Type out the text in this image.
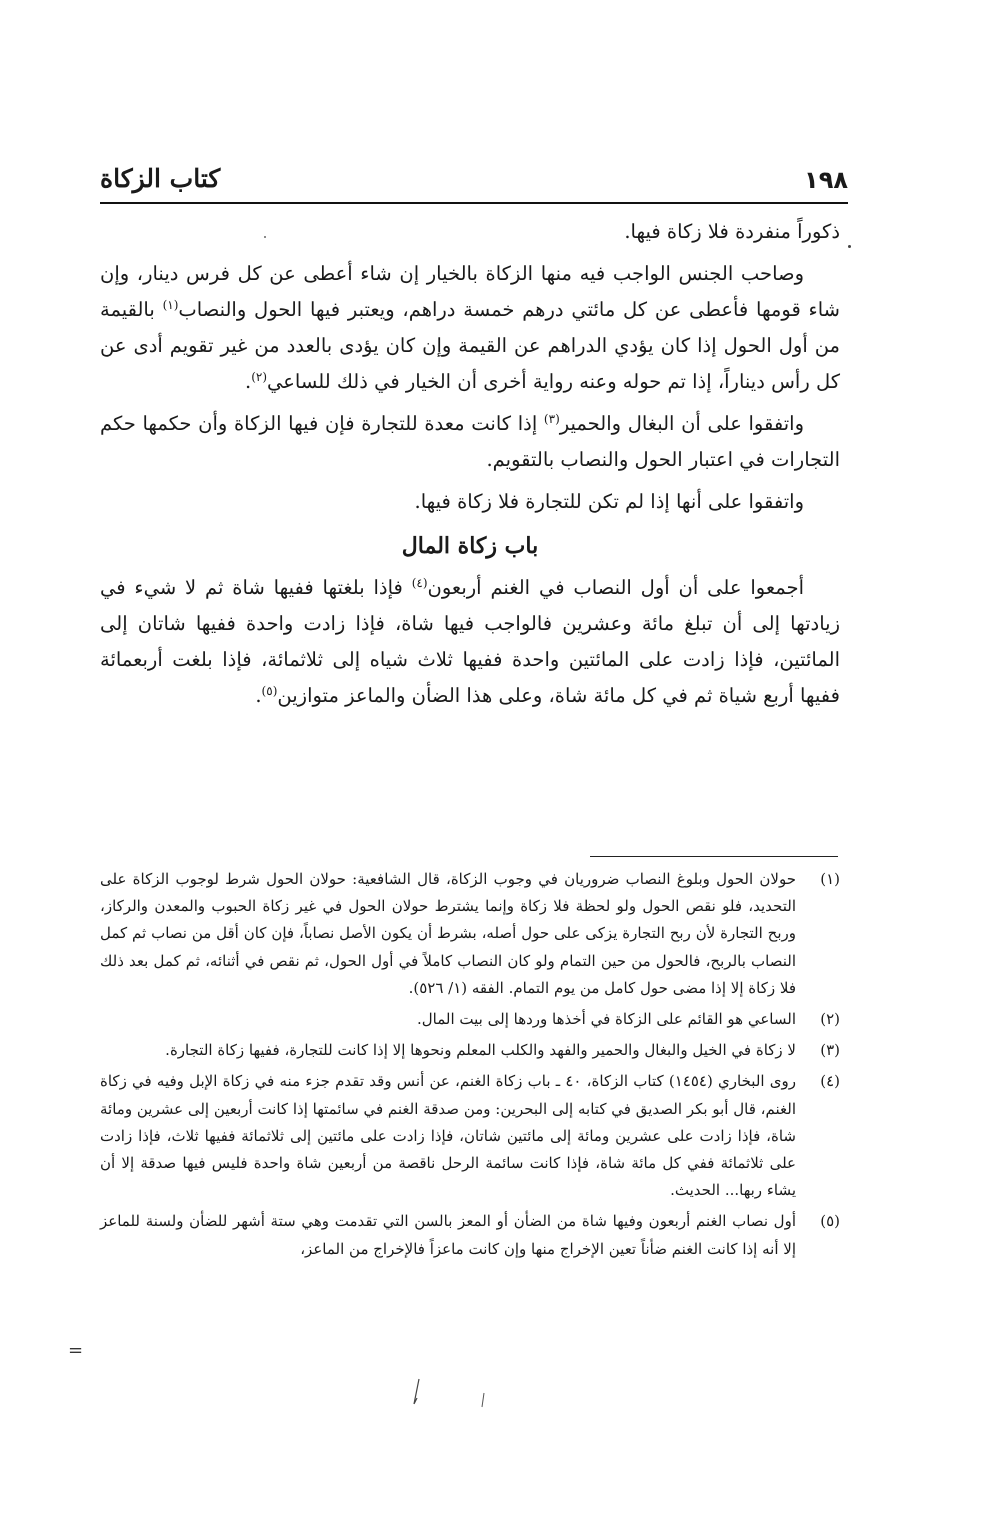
١٩٨
كتاب الزكاة

ذكوراً منفردة فلا زكاة فيها.

وصاحب الجنس الواجب فيه منها الزكاة بالخيار إن شاء أعطى عن كل فرس دينار، وإن شاء قومها فأعطى عن كل مائتي درهم خمسة دراهم، ويعتبر فيها الحول والنصاب$^{(١)}$ بالقيمة من أول الحول إذا كان يؤدي الدراهم عن القيمة وإن كان يؤدى بالعدد من غير تقويم أدى عن كل رأس ديناراً، إذا تم حوله وعنه رواية أخرى أن الخيار في ذلك للساعي$^{(٢)}$.

واتفقوا على أن البغال والحمير$^{(٣)}$ إذا كانت معدة للتجارة فإن فيها الزكاة وأن حكمها حكم التجارات في اعتبار الحول والنصاب بالتقويم.

واتفقوا على أنها إذا لم تكن للتجارة فلا زكاة فيها.

باب زكاة المال

أجمعوا على أن أول النصاب في الغنم أربعون$^{(٤)}$ فإذا بلغتها ففيها شاة ثم لا شيء في زيادتها إلى أن تبلغ مائة وعشرين فالواجب فيها شاة، فإذا زادت واحدة ففيها شاتان إلى المائتين، فإذا زادت على المائتين واحدة ففيها ثلاث شياه إلى ثلاثمائة، فإذا بلغت أربعمائة ففيها أربع شياة ثم في كل مائة شاة، وعلى هذا الضأن والماعز متوازين$^{(٥)}$.

(١)
حولان الحول وبلوغ النصاب ضروريان في وجوب الزكاة، قال الشافعية: حولان الحول شرط لوجوب الزكاة على التحديد، فلو نقص الحول ولو لحظة فلا زكاة وإنما يشترط حولان الحول في غير زكاة الحبوب والمعدن والركاز، وربح التجارة لأن ربح التجارة يزكى على حول أصله، بشرط أن يكون الأصل نصاباً، فإن كان أقل من نصاب ثم كمل النصاب بالربح، فالحول من حين التمام ولو كان النصاب كاملاً في أول الحول، ثم نقص في أثنائه، ثم كمل بعد ذلك فلا زكاة إلا إذا مضى حول كامل من يوم التمام. الفقه (١/ ٥٢٦).
(٢)
الساعي هو القائم على الزكاة في أخذها وردها إلى بيت المال.
(٣)
لا زكاة في الخيل والبغال والحمير والفهد والكلب المعلم ونحوها إلا إذا كانت للتجارة، ففيها زكاة التجارة.
(٤)
روى البخاري (١٤٥٤) كتاب الزكاة، ٤٠ ـ باب زكاة الغنم، عن أنس وقد تقدم جزء منه في زكاة الإبل وفيه في زكاة الغنم، قال أبو بكر الصديق في كتابه إلى البحرين: ومن صدقة الغنم في سائمتها إذا كانت أربعين إلى عشرين ومائة شاة، فإذا زادت على عشرين ومائة إلى مائتين شاتان، فإذا زادت على مائتين إلى ثلاثمائة ففيها ثلاث، فإذا زادت على ثلاثمائة ففي كل مائة شاة، فإذا كانت سائمة الرحل ناقصة من أربعين شاة واحدة فليس فيها صدقة إلا أن يشاء ربها... الحديث.
(٥)
أول نصاب الغنم أربعون وفيها شاة من الضأن أو المعز بالسن التي تقدمت وهي ستة أشهر للضأن ولسنة للماعز إلا أنه إذا كانت الغنم ضأناً تعين الإخراج منها وإن كانت ماعزاً فالإخراج من الماعز،
=
